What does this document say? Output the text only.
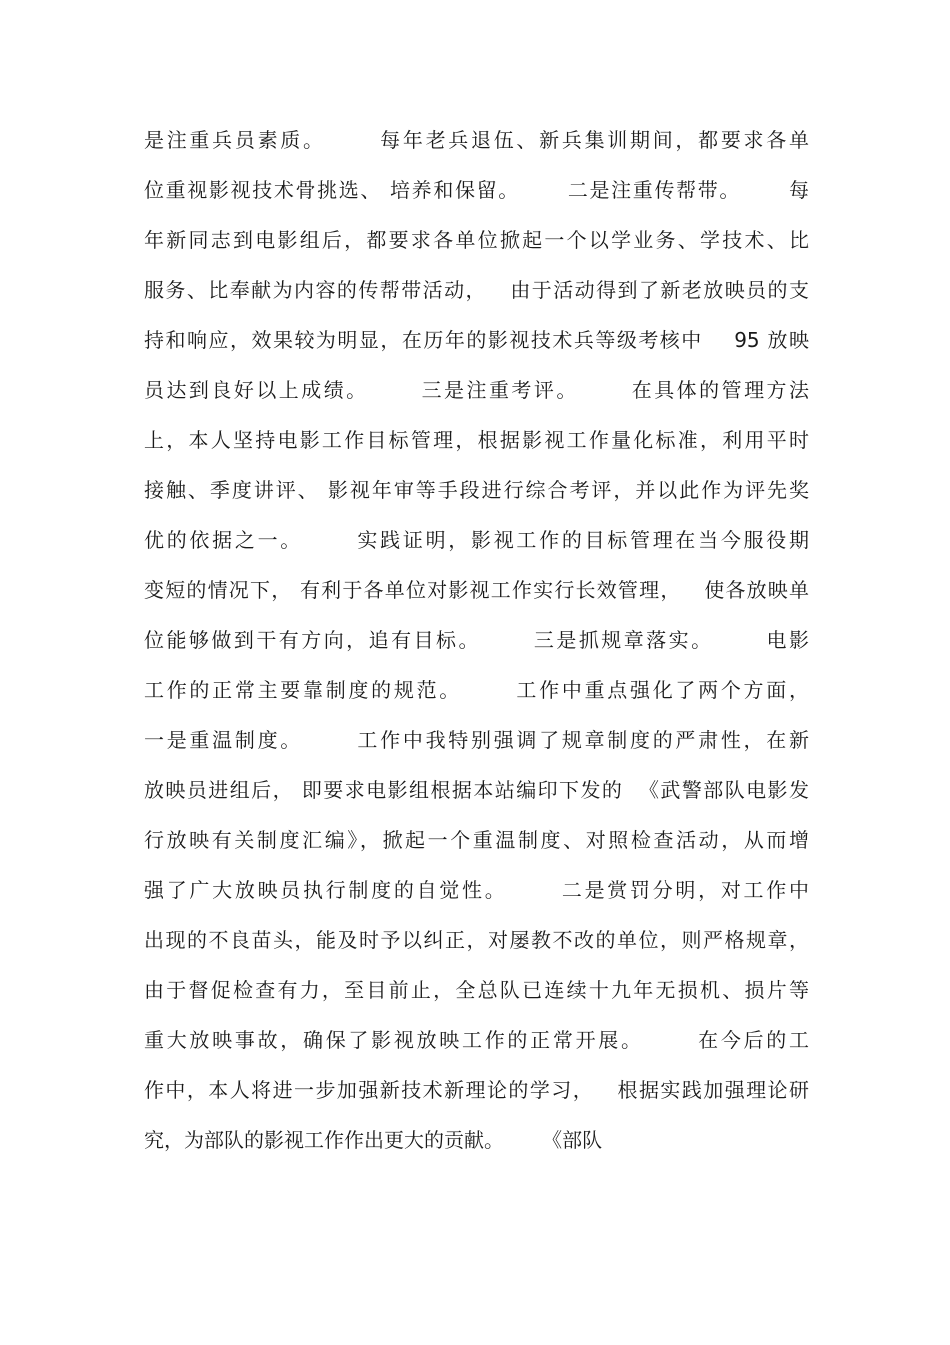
是注重兵员素质。      每年老兵退伍、新兵集训期间，都要求各单
位重视影视技术骨挑选、 培养和保留。      二是注重传帮带。      每
年新同志到电影组后，都要求各单位掀起一个以学业务、学技术、比
服务、比奉献为内容的传帮带活动，   由于活动得到了新老放映员的支
持和响应，效果较为明显，在历年的影视技术兵等级考核中    95 放映
员达到良好以上成绩。      三是注重考评。      在具体的管理方法
上，本人坚持电影工作目标管理，根据影视工作量化标准，利用平时
接触、季度讲评、 影视年审等手段进行综合考评，并以此作为评先奖
优的依据之一。      实践证明，影视工作的目标管理在当今服役期
变短的情况下， 有利于各单位对影视工作实行长效管理，   使各放映单
位能够做到干有方向，追有目标。      三是抓规章落实。      电影
工作的正常主要靠制度的规范。      工作中重点强化了两个方面，
一是重温制度。      工作中我特别强调了规章制度的严肃性，在新
放映员进组后， 即要求电影组根据本站编印下发的  《武警部队电影发
行放映有关制度汇编》，掀起一个重温制度、对照检查活动，从而增
强了广大放映员执行制度的自觉性。      二是赏罚分明，对工作中
出现的不良苗头，能及时予以纠正，对屡教不改的单位，则严格规章，
由于督促检查有力，至目前止，全总队已连续十九年无损机、损片等
重大放映事故，确保了影视放映工作的正常开展。      在今后的工
作中，本人将进一步加强新技术新理论的学习，   根据实践加强理论研
究，为部队的影视工作作出更大的贡献。      《部队
